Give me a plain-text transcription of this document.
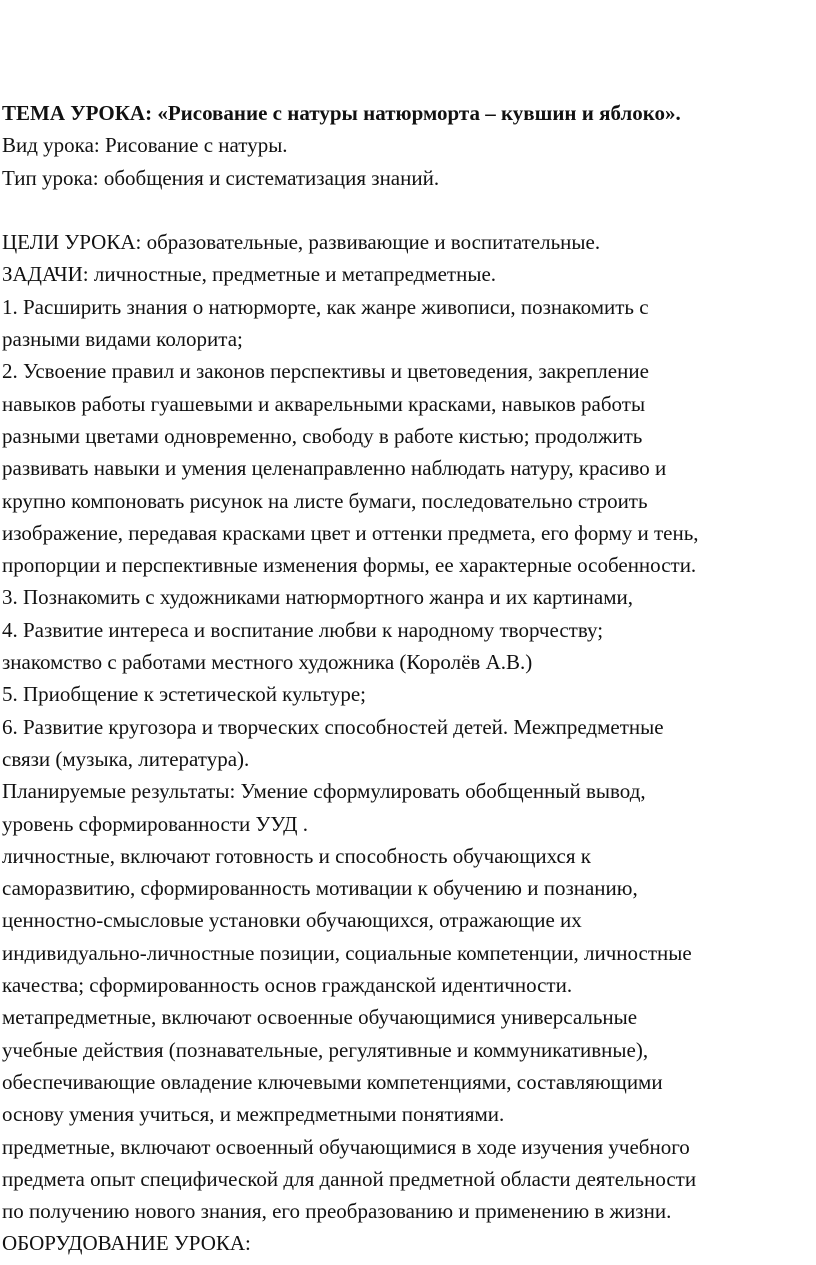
ТЕМА УРОКА: «Рисование с натуры натюрморта – кувшин и яблоко».
Вид урока: Рисование с натуры.
Тип урока: обобщения и систематизация знаний.
ЦЕЛИ УРОКА: образовательные, развивающие и воспитательные.
ЗАДАЧИ: личностные, предметные и метапредметные.
1. Расширить знания о натюрморте, как жанре живописи, познакомить с
разными видами колорита;
2. Усвоение правил и законов перспективы и цветоведения, закрепление
навыков работы гуашевыми и акварельными красками, навыков работы
разными цветами одновременно, свободу в работе кистью; продолжить
развивать навыки и умения целенаправленно наблюдать натуру, красиво и
крупно компоновать рисунок на листе бумаги, последовательно строить
изображение, передавая красками цвет и оттенки предмета, его форму и тень,
пропорции и перспективные изменения формы, ее характерные особенности.
3. Познакомить с художниками натюрмортного жанра и их картинами,
4. Развитие интереса и воспитание любви к народному творчеству;
знакомство с работами местного художника (Королёв А.В.)
5. Приобщение к эстетической культуре;
6. Развитие кругозора и творческих способностей детей. Межпредметные
связи (музыка, литература).
Планируемые результаты: Умение сформулировать обобщенный вывод,
уровень сформированности УУД .
личностные, включают готовность и способность обучающихся к
саморазвитию, сформированность мотивации к обучению и познанию,
ценностно-смысловые установки обучающихся, отражающие их
индивидуально-личностные позиции, социальные компетенции, личностные
качества; сформированность основ гражданской идентичности.
метапредметные, включают освоенные обучающимися универсальные
учебные действия (познавательные, регулятивные и коммуникативные),
обеспечивающие овладение ключевыми компетенциями, составляющими
основу умения учиться, и межпредметными понятиями.
предметные, включают освоенный обучающимися в ходе изучения учебного
предмета опыт специфической для данной предметной области деятельности
по получению нового знания, его преобразованию и применению в жизни.
ОБОРУДОВАНИЕ УРОКА:
